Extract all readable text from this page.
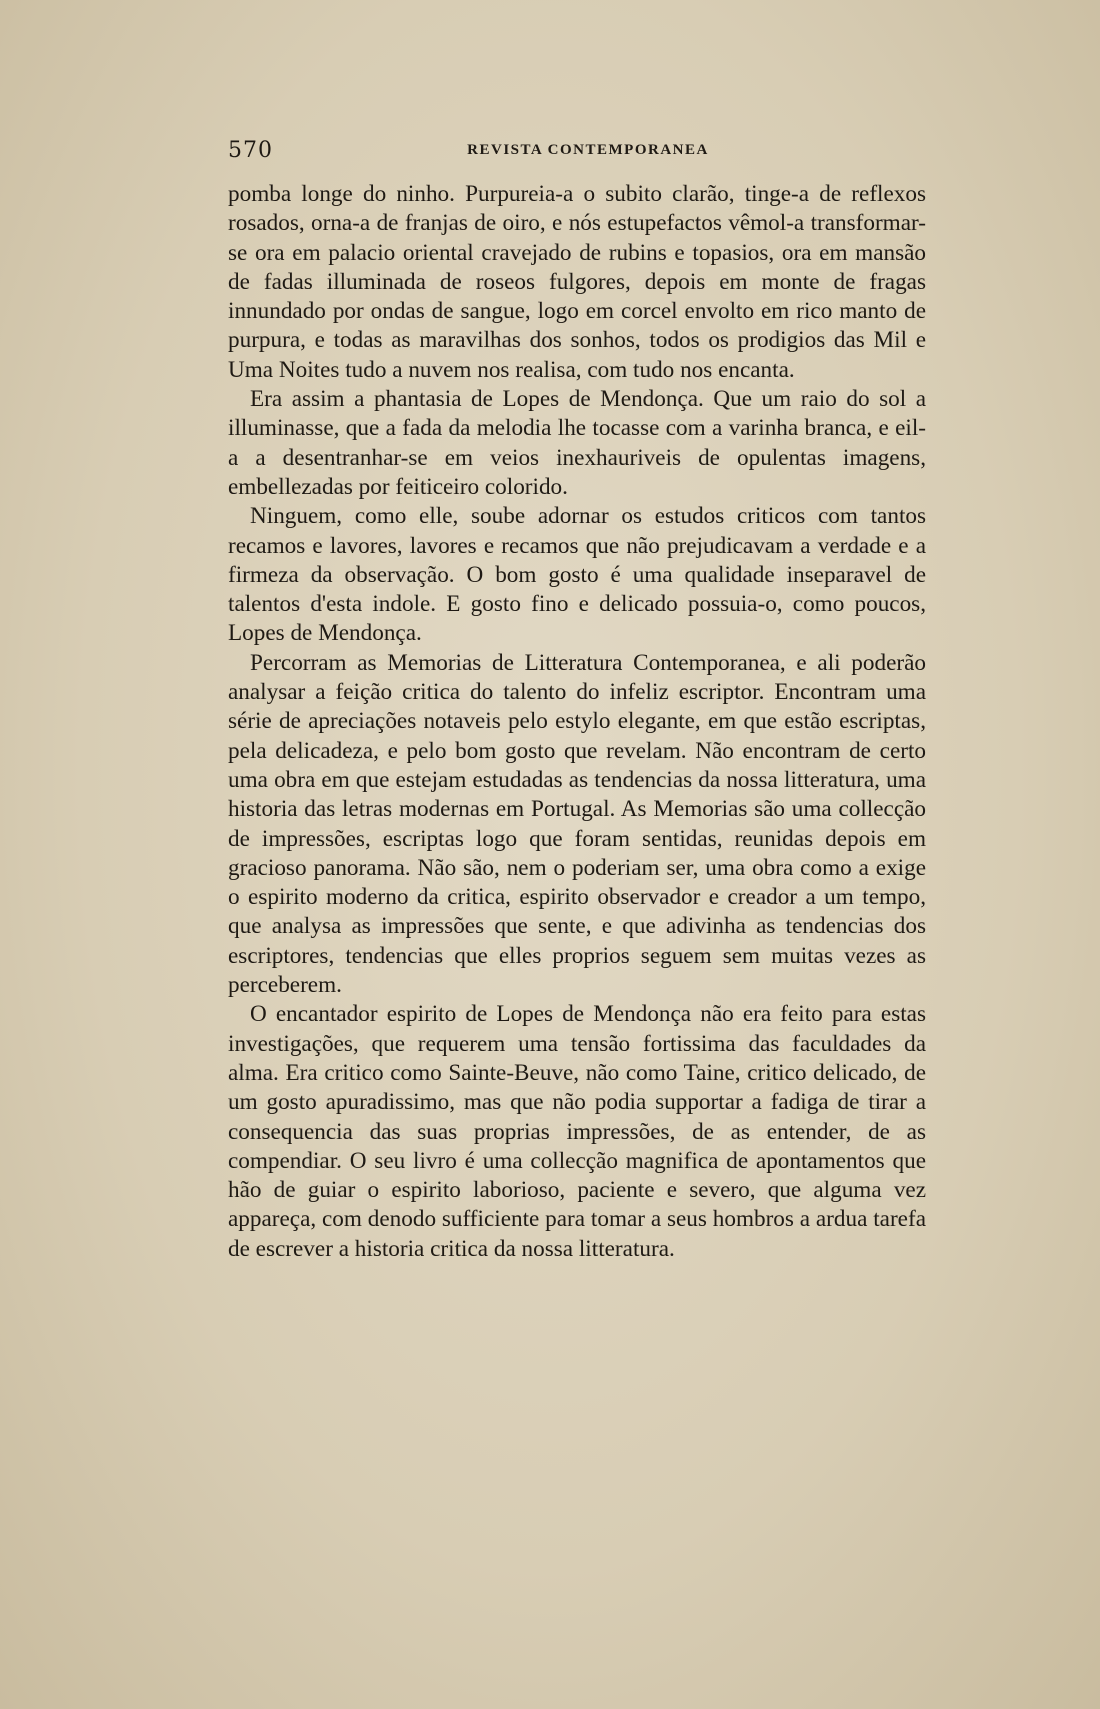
570	REVISTA CONTEMPORANEA

pomba longe do ninho. Purpureia-a o subito clarão, tinge-a de reflexos rosados, orna-a de franjas de oiro, e nós estupefactos vêmol-a transformar-se ora em palacio oriental cravejado de rubins e topasios, ora em mansão de fadas illuminada de roseos fulgores, depois em monte de fragas innundado por ondas de sangue, logo em corcel envolto em rico manto de purpura, e todas as maravilhas dos sonhos, todos os prodigios das Mil e Uma Noites tudo a nuvem nos realisa, com tudo nos encanta.

Era assim a phantasia de Lopes de Mendonça. Que um raio do sol a illuminasse, que a fada da melodia lhe tocasse com a varinha branca, e eil-a a desentranhar-se em veios inexhauriveis de opulentas imagens, embellezadas por feiticeiro colorido.

Ninguem, como elle, soube adornar os estudos criticos com tantos recamos e lavores, lavores e recamos que não prejudicavam a verdade e a firmeza da observação. O bom gosto é uma qualidade inseparavel de talentos d'esta indole. E gosto fino e delicado possuia-o, como poucos, Lopes de Mendonça.

Percorram as Memorias de Litteratura Contemporanea, e ali poderão analysar a feição critica do talento do infeliz escriptor. Encontram uma série de apreciações notaveis pelo estylo elegante, em que estão escriptas, pela delicadeza, e pelo bom gosto que revelam. Não encontram de certo uma obra em que estejam estudadas as tendencias da nossa litteratura, uma historia das letras modernas em Portugal. As Memorias são uma collecção de impressões, escriptas logo que foram sentidas, reunidas depois em gracioso panorama. Não são, nem o poderiam ser, uma obra como a exige o espirito moderno da critica, espirito observador e creador a um tempo, que analysa as impressões que sente, e que adivinha as tendencias dos escriptores, tendencias que elles proprios seguem sem muitas vezes as perceberem.

O encantador espirito de Lopes de Mendonça não era feito para estas investigações, que requerem uma tensão fortissima das faculdades da alma. Era critico como Sainte-Beuve, não como Taine, critico delicado, de um gosto apuradissimo, mas que não podia supportar a fadiga de tirar a consequencia das suas proprias impressões, de as entender, de as compendiar. O seu livro é uma collecção magnifica de apontamentos que hão de guiar o espirito laborioso, paciente e severo, que alguma vez appareça, com denodo sufficiente para tomar a seus hombros a ardua tarefa de escrever a historia critica da nossa litteratura.
